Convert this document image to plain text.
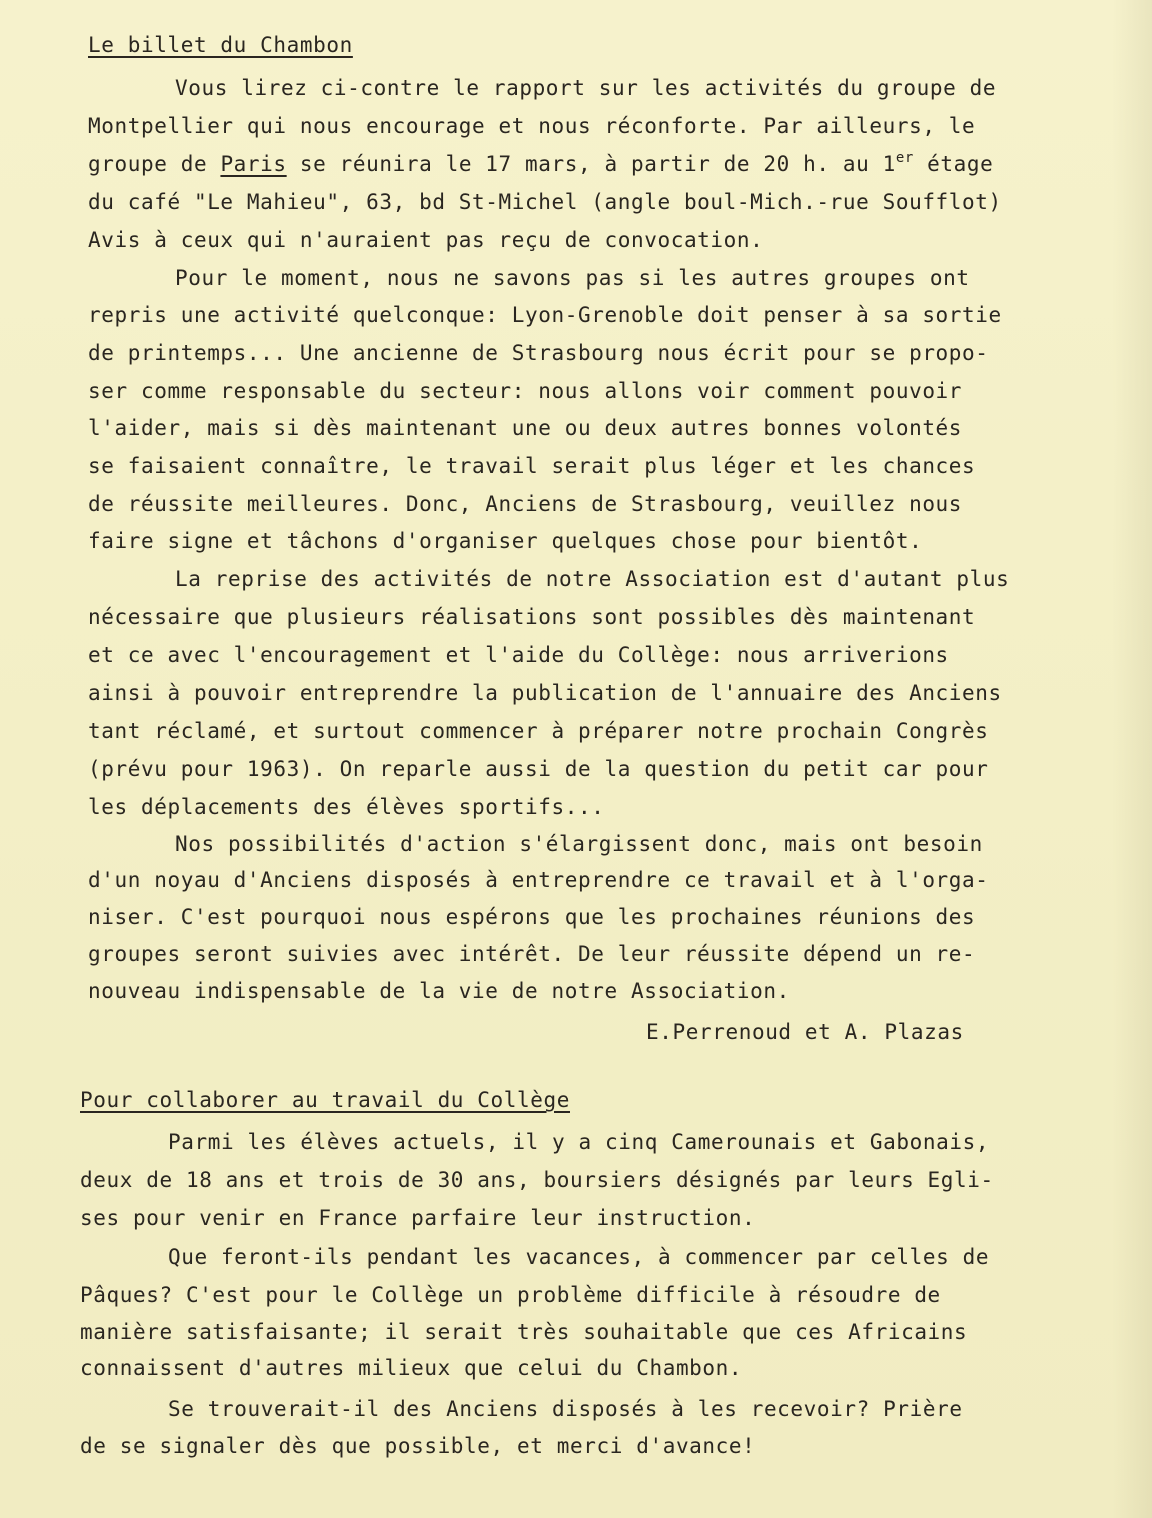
Le billet du Chambon
Vous lirez ci-contre le rapport sur les activités du groupe de
Montpellier qui nous encourage et nous réconforte. Par ailleurs, le
groupe de Paris se réunira le 17 mars, à partir de 20 h. au 1er étage
du café "Le Mahieu", 63, bd St-Michel (angle boul-Mich.-rue Soufflot)
Avis à ceux qui n'auraient pas reçu de convocation.
Pour le moment, nous ne savons pas si les autres groupes ont
repris une activité quelconque: Lyon-Grenoble doit penser à sa sortie
de printemps... Une ancienne de Strasbourg nous écrit pour se propo-
ser comme responsable du secteur: nous allons voir comment pouvoir
l'aider, mais si dès maintenant une ou deux autres bonnes volontés
se faisaient connaître, le travail serait plus léger et les chances
de réussite meilleures. Donc, Anciens de Strasbourg, veuillez nous
faire signe et tâchons d'organiser quelques chose pour bientôt.
La reprise des activités de notre Association est d'autant plus
nécessaire que plusieurs réalisations sont possibles dès maintenant
et ce avec l'encouragement et l'aide du Collège: nous arriverions
ainsi à pouvoir entreprendre la publication de l'annuaire des Anciens
tant réclamé, et surtout commencer à préparer notre prochain Congrès
(prévu pour 1963). On reparle aussi de la question du petit car pour
les déplacements des élèves sportifs...
Nos possibilités d'action s'élargissent donc, mais ont besoin
d'un noyau d'Anciens disposés à entreprendre ce travail et à l'orga-
niser. C'est pourquoi nous espérons que les prochaines réunions des
groupes seront suivies avec intérêt. De leur réussite dépend un re-
nouveau indispensable de la vie de notre Association.
E.Perrenoud et A. Plazas
Pour collaborer au travail du Collège
Parmi les élèves actuels, il y a cinq Camerounais et Gabonais,
deux de 18 ans et trois de 30 ans, boursiers désignés par leurs Egli-
ses pour venir en France parfaire leur instruction.
Que feront-ils pendant les vacances, à commencer par celles de
Pâques? C'est pour le Collège un problème difficile à résoudre de
manière satisfaisante; il serait très souhaitable que ces Africains
connaissent d'autres milieux que celui du Chambon.
Se trouverait-il des Anciens disposés à les recevoir? Prière
de se signaler dès que possible, et merci d'avance!
